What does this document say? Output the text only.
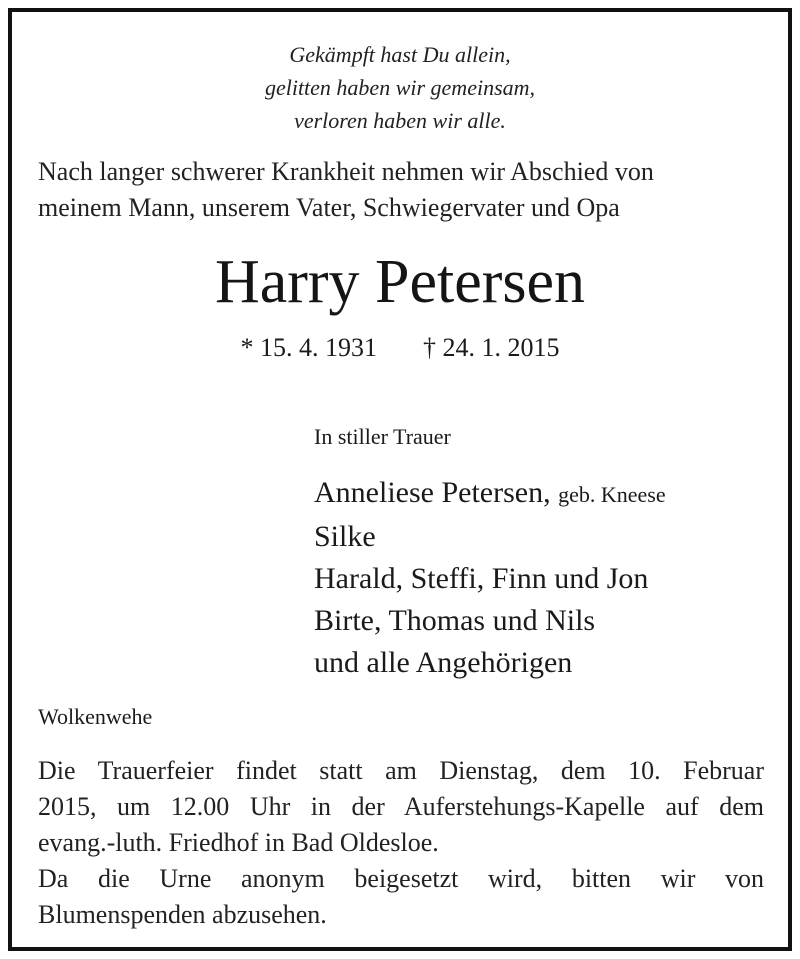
Gekämpft hast Du allein,
gelitten haben wir gemeinsam,
verloren haben wir alle.
Nach langer schwerer Krankheit nehmen wir Abschied von
meinem Mann, unserem Vater, Schwiegervater und Opa
Harry Petersen
* 15. 4. 1931 † 24. 1. 2015
In stiller Trauer
Anneliese Petersen, geb. Kneese
Silke
Harald, Steffi, Finn und Jon
Birte, Thomas und Nils
und alle Angehörigen
Wolkenwehe
Die Trauerfeier findet statt am Dienstag, dem 10. Februar
2015, um 12.00 Uhr in der Auferstehungs-Kapelle auf dem
evang.-luth. Friedhof in Bad Oldesloe.
Da die Urne anonym beigesetzt wird, bitten wir von
Blumenspenden abzusehen.
